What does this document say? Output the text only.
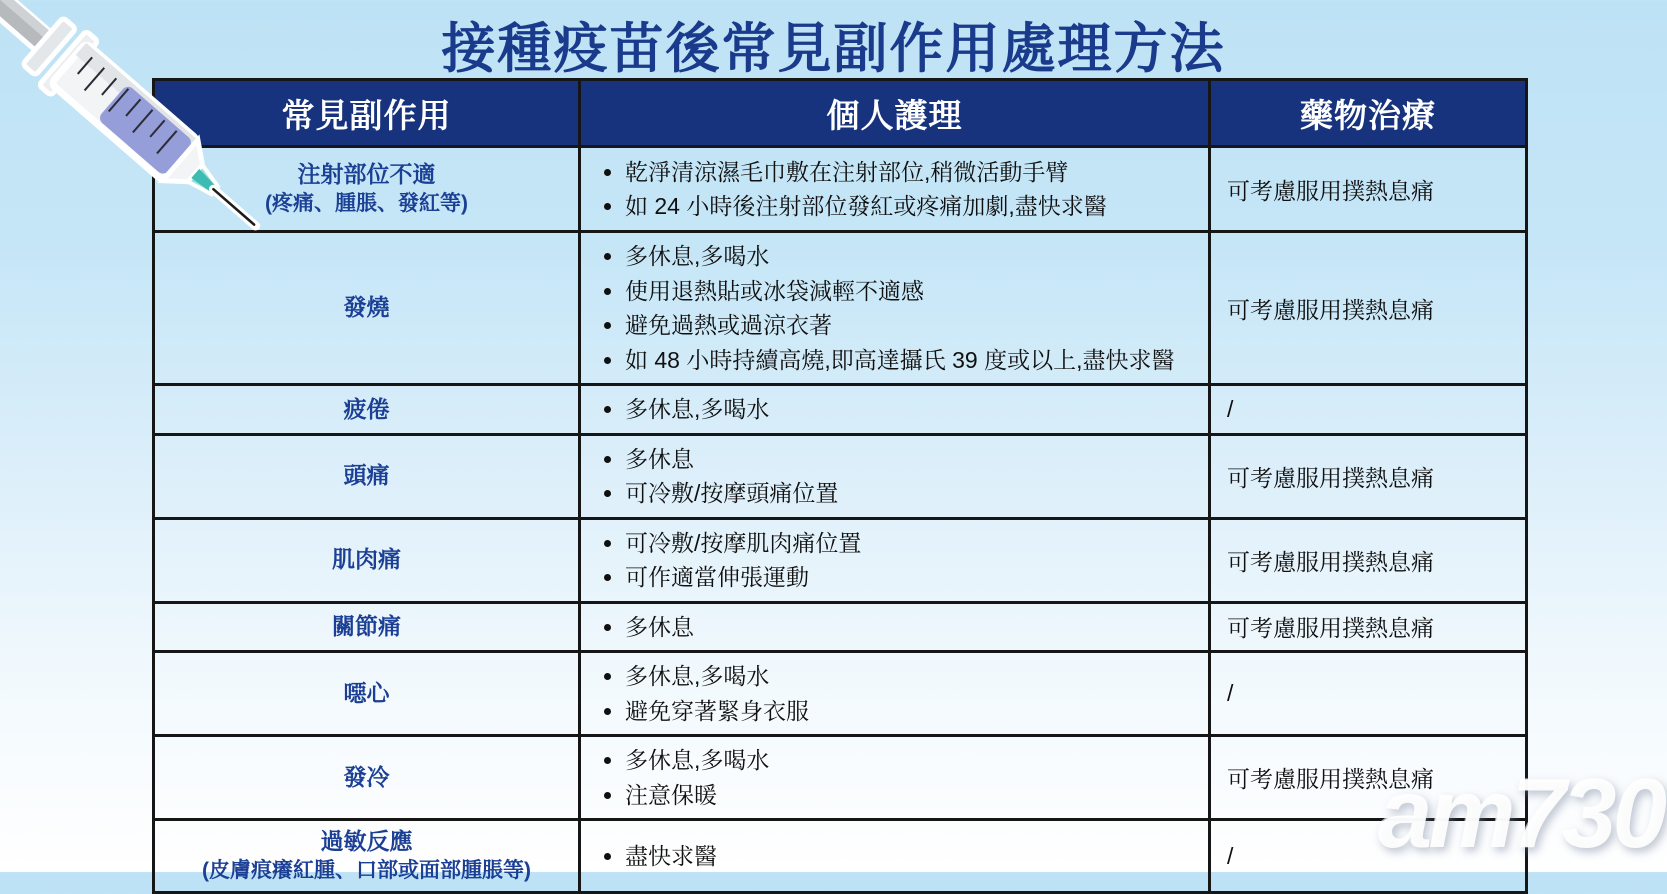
接種疫苗後常見副作用處理方法
常見副作用	個人護理	藥物治療

注射部位不適
(疼痛、腫脹、發紅等)

• 乾淨清涼濕毛巾敷在注射部位,稍微活動手臂
• 如 24 小時後注射部位發紅或疼痛加劇,盡快求醫
	可考慮服用撲熱息痛

發燒

• 多休息,多喝水
• 使用退熱貼或冰袋減輕不適感
• 避免過熱或過涼衣著
• 如 48 小時持續高燒,即高達攝氏 39 度或以上,盡快求醫
	可考慮服用撲熱息痛

疲倦

•多休息,多喝水	/

頭痛

• 多休息
• 可冷敷/按摩頭痛位置
	可考慮服用撲熱息痛

肌肉痛

• 可冷敷/按摩肌肉痛位置
• 可作適當伸張運動
	可考慮服用撲熱息痛

關節痛

•多休息	可考慮服用撲熱息痛

噁心

• 多休息,多喝水
• 避免穿著緊身衣服
	/

發冷

• 多休息,多喝水
• 注意保暖
	可考慮服用撲熱息痛

過敏反應
(皮膚痕癢紅腫、口部或面部腫脹等)

• 盡快求醫	/ am730
